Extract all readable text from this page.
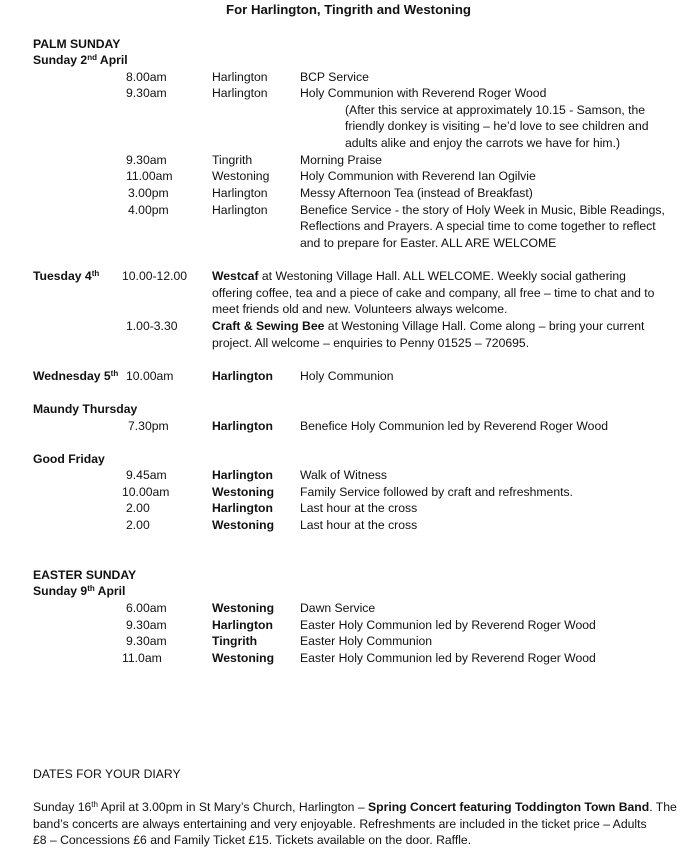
For Harlington, Tingrith and Westoning
PALM SUNDAY
Sunday 2nd April
8.00am	Harlington	BCP Service
9.30am	Harlington	Holy Communion with Reverend Roger Wood
(After this service at approximately 10.15 - Samson, the
friendly donkey is visiting – he’d love to see children and
adults alike and enjoy the carrots we have for him.)
9.30am	Tingrith	Morning Praise
11.00am	Westoning	Holy Communion with Reverend Ian Ogilvie
3.00pm	Harlington	Messy Afternoon Tea (instead of Breakfast)
4.00pm	Harlington	Benefice Service - the story of Holy Week in Music, Bible Readings,
Reflections and Prayers. A special time to come together to reflect
and to prepare for Easter. ALL ARE WELCOME
Tuesday 4th 10.00-12.00 Westcaf at Westoning Village Hall. ALL WELCOME. Weekly social gathering
offering coffee, tea and a piece of cake and company, all free – time to chat and to
meet friends old and new. Volunteers always welcome.
1.00-3.30	Craft & Sewing Bee at Westoning Village Hall. Come along – bring your current
project. All welcome – enquiries to Penny 01525 – 720695.
Wednesday 5th 10.00am	Harlington Holy Communion
Maundy Thursday
7.30pm	Harlington Benefice Holy Communion led by Reverend Roger Wood
Good Friday
9.45am	Harlington Walk of Witness
10.00am	Westoning Family Service followed by craft and refreshments.
2.00	Harlington Last hour at the cross
2.00	Westoning Last hour at the cross
EASTER SUNDAY
Sunday 9th April
6.00am	Westoning Dawn Service
9.30am	Harlington Easter Holy Communion led by Reverend Roger Wood
9.30am	Tingrith	Easter Holy Communion
11.0am	Westoning Easter Holy Communion led by Reverend Roger Wood
DATES FOR YOUR DIARY
Sunday 16th April at 3.00pm in St Mary’s Church, Harlington – Spring Concert featuring Toddington Town Band. The
band’s concerts are always entertaining and very enjoyable. Refreshments are included in the ticket price – Adults
£8 – Concessions £6 and Family Ticket £15. Tickets available on the door. Raffle.
